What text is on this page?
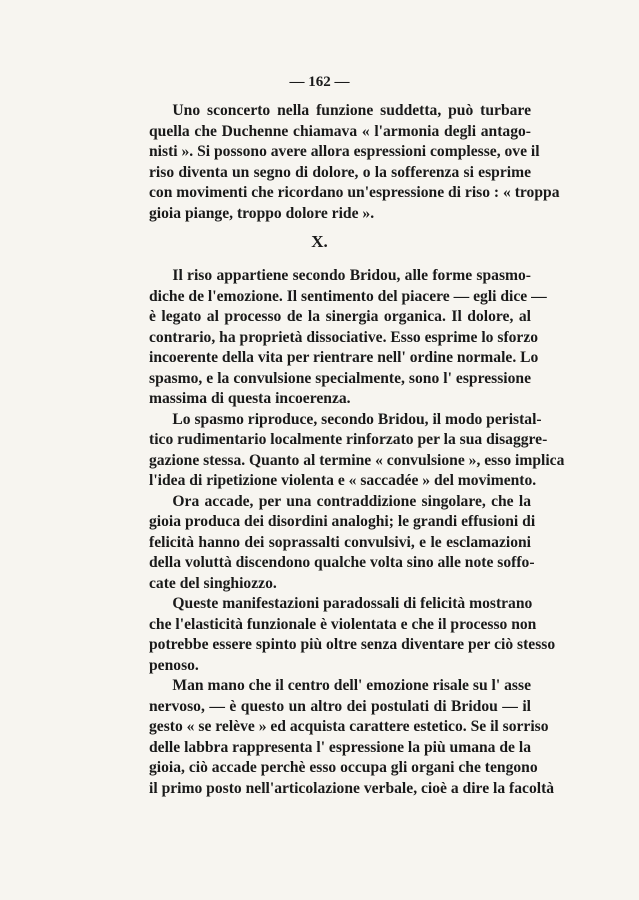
— 162 —
  Uno sconcerto nella funzione suddetta, può turbare
quella che Duchenne chiamava « l'armonia degli antago-
nisti ». Si possono avere allora espressioni complesse, ove il
riso diventa un segno di dolore, o la sofferenza si esprime
con movimenti che ricordano un'espressione di riso : « troppa
gioia piange, troppo dolore ride ».
X.
  Il riso appartiene secondo Bridou, alle forme spasmo-
diche de l'emozione. Il sentimento del piacere — egli dice —
è legato al processo de la sinergia organica. Il dolore, al
contrario, ha proprietà dissociative. Esso esprime lo sforzo
incoerente della vita per rientrare nell' ordine normale. Lo
spasmo, e la convulsione specialmente, sono l' espressione
massima di questa incoerenza.
  Lo spasmo riproduce, secondo Bridou, il modo peristal-
tico rudimentario localmente rinforzato per la sua disaggre-
gazione stessa. Quanto al termine « convulsione », esso implica
l'idea di ripetizione violenta e « saccadée » del movimento.
  Ora accade, per una contraddizione singolare, che la
gioia produca dei disordini analoghi; le grandi effusioni di
felicità hanno dei soprassalti convulsivi, e le esclamazioni
della voluttà discendono qualche volta sino alle note soffo-
cate del singhiozzo.
  Queste manifestazioni paradossali di felicità mostrano
che l'elasticità funzionale è violentata e che il processo non
potrebbe essere spinto più oltre senza diventare per ciò stesso
penoso.
  Man mano che il centro dell' emozione risale su l' asse
nervoso, — è questo un altro dei postulati di Bridou — il
gesto « se relève » ed acquista carattere estetico. Se il sorriso
delle labbra rappresenta l' espressione la più umana de la
gioia, ciò accade perchè esso occupa gli organi che tengono
il primo posto nell'articolazione verbale, cioè a dire la facoltà
